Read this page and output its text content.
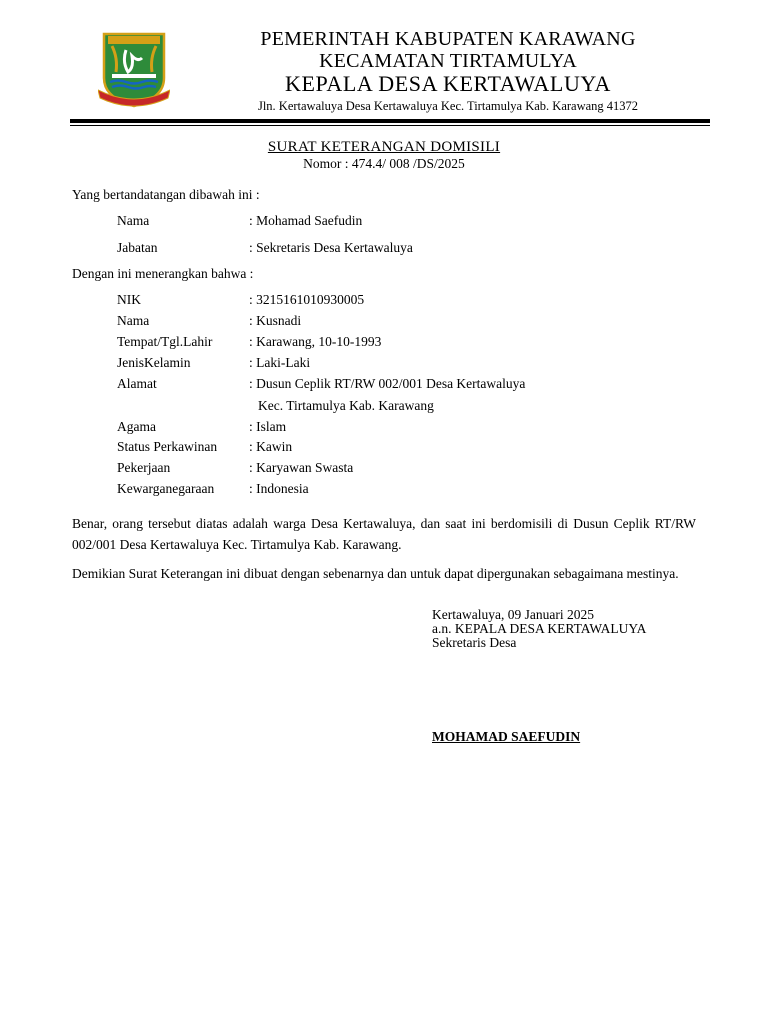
PEMERINTAH KABUPATEN KARAWANG
KECAMATAN TIRTAMULYA
KEPALA DESA KERTAWALUYA
Jln. Kertawaluya Desa Kertawaluya Kec. Tirtamulya Kab. Karawang 41372
SURAT KETERANGAN DOMISILI
Nomor : 474.4/ 008 /DS/2025
Yang bertandatangan dibawah ini :
Nama	: Mohamad Saefudin
Jabatan	: Sekretaris Desa Kertawaluya
Dengan ini menerangkan bahwa :
NIK	: 3215161010930005
Nama	: Kusnadi
Tempat/Tgl.Lahir	: Karawang, 10-10-1993
JenisKelamin	: Laki-Laki
Alamat	: Dusun Ceplik RT/RW 002/001 Desa Kertawaluya
Kec. Tirtamulya Kab. Karawang
Agama	: Islam
Status Perkawinan : Kawin
Pekerjaan	: Karyawan Swasta
Kewarganegaraan	: Indonesia
Benar, orang tersebut diatas adalah warga Desa Kertawaluya, dan saat ini berdomisili di Dusun Ceplik RT/RW 002/001 Desa Kertawaluya Kec. Tirtamulya Kab. Karawang.
Demikian Surat Keterangan ini dibuat dengan sebenarnya dan untuk dapat dipergunakan sebagaimana mestinya.
Kertawaluya, 09 Januari 2025
a.n. KEPALA DESA KERTAWALUYA
Sekretaris Desa
MOHAMAD SAEFUDIN
